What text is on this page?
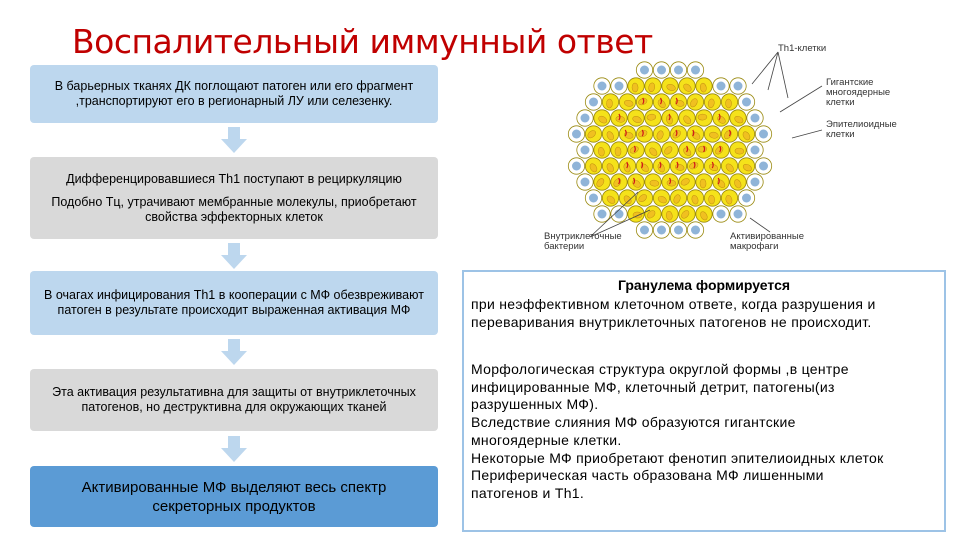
Воспалительный иммунный ответ
В барьерных тканях ДК поглощают патоген или его фрагмент ,транспортируют его в регионарный ЛУ или селезенку.

Дифференцировавшиеся Th1 поступают в рециркуляцию

Подобно Тц, утрачивают мембранные молекулы, приобретают свойства эффекторных клеток

В очагах инфицирования Th1 в кооперации с МФ обезвреживают патоген в результате происходит выраженная активация МФ
Эта активация результативна для защиты от внутриклеточных патогенов, но деструктивна для окружающих тканей
Активированные МФ выделяют весь спектр секреторных продуктов
Th1-клетки
Гигантские
многоядерные
клетки
Эпителиоидные
клетки
Внутриклеточные
бактерии
Активированные
макрофаги
Гранулема формируется
при неэффективном клеточном ответе, когда разрушения и
переваривания внутриклеточных патогенов не происходит.
Морфологическая структура округлой формы ,в центре
инфицированные МФ, клеточный детрит, патогены(из
разрушенных МФ).
Вследствие слияния МФ образуются гигантские
многоядерные клетки.
Некоторые МФ приобретают фенотип эпителиоидных клеток
Периферическая часть образована МФ лишенными
патогенов и Th1.
